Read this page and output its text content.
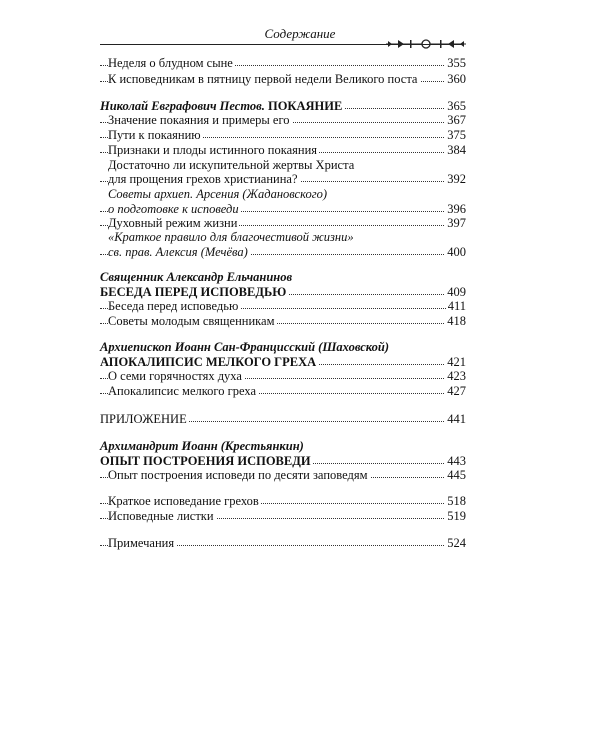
Содержание
Неделя о блудном сыне	355
К исповедникам в пятницу первой недели Великого поста 360
Николай Евграфович Пестов. ПОКАЯНИЕ	365
Значение покаяния и примеры его	367
Пути к покаянию	375
Признаки и плоды истинного покаяния	384
Достаточно ли искупительной жертвы Христа
для прощения грехов христианина?	392
Советы архиеп. Арсения (Жадановского)
о подготовке к исповеди	396
Духовный режим жизни	397
«Краткое правило для благочестивой жизни»
св. прав. Алексия (Мечёва)	400
Священник Александр Ельчанинов
БЕСЕДА ПЕРЕД ИСПОВЕДЬЮ	409
Беседа перед исповедью	411
Советы молодым священникам	418
Архиепископ Иоанн Сан-Францисский (Шаховской)
АПОКАЛИПСИС МЕЛКОГО ГРЕХА	421
О семи горячностях духа	423
Апокалипсис мелкого греха	427
ПРИЛОЖЕНИЕ	441
Архимандрит Иоанн (Крестьянкин)
ОПЫТ ПОСТРОЕНИЯ ИСПОВЕДИ	443
Опыт построения исповеди по десяти заповедям	445
Краткое исповедание грехов	518
Исповедные листки	519
Примечания	524
